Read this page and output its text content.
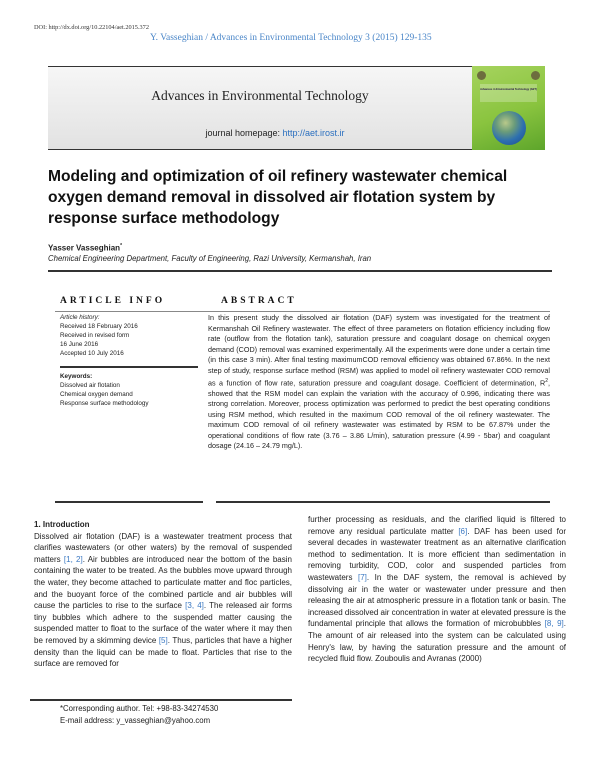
DOI: http://dx.doi.org/10.22104/aet.2015.372
Y. Vasseghian / Advances in Environmental Technology 3 (2015) 129-135
Advances in Environmental Technology
journal homepage: http://aet.irost.ir
Advances in Environmental Technology (AET)
Modeling and optimization of oil refinery wastewater chemical oxygen demand removal in dissolved air flotation system by response surface methodology
Yasser Vasseghian*
Chemical Engineering Department, Faculty of Engineering, Razi University, Kermanshah, Iran
ARTICLE INFO
Article history:
Received 18 February 2016
Received in revised form
16 June 2016
Accepted 10 July 2016
Keywords:
Dissolved air flotation
Chemical oxygen demand
Response surface methodology
ABSTRACT
In this present study the dissolved air flotation (DAF) system was investigated for the treatment of Kermanshah Oil Refinery wastewater. The effect of three parameters on flotation efficiency including flow rate (outflow from the flotation tank), saturation pressure and coagulant dosage on chemical oxygen demand (COD) removal was examined experimentally. All the experiments were done under a certain time (in this case 3 min). After final testing maximumCOD removal efficiency was obtained 67.86%. In the next step of study, response surface method (RSM) was applied to model oil refinery wastewater COD removal as a function of flow rate, saturation pressure and coagulant dosage. Coefficient of determination, $R^2$, showed that the RSM model can explain the variation with the accuracy of 0.996, indicating there was strong correlation. Moreover, process optimization was performed to predict the best operating conditions using RSM method, which resulted in the maximum COD removal of the oil refinery wastewater. The maximum COD removal of oil refinery wastewater was estimated by RSM to be 67.87% under the operational conditions of flow rate (3.76 – 3.86 L/min), saturation pressure (4.99 - 5bar) and coagulant dosage (24.16 – 24.79 mg/L).
1. Introduction
Dissolved air flotation (DAF) is a wastewater treatment process that clarifies wastewaters (or other waters) by the removal of suspended matters [1, 2]. Air bubbles are introduced near the bottom of the basin containing the water to be treated. As the bubbles move upward through the water, they become attached to particulate matter and floc particles, and the buoyant force of the combined particle and air bubbles will cause the particles to rise to the surface [3, 4]. The released air forms tiny bubbles which adhere to the suspended matter causing the suspended matter to float to the surface of the water where it may then be removed by a skimming device [5]. Thus, particles that have a higher density than the liquid can be made to float. Particles that rise to the surface are removed for
*Corresponding author. Tel: +98-83-34274530
E-mail address: y_vasseghian@yahoo.com
further processing as residuals, and the clarified liquid is filtered to remove any residual particulate matter [6]. DAF has been used for several decades in wastewater treatment as an alternative clarification method to sedimentation. It is more efficient than sedimentation in removing turbidity, COD, color and suspended particles from wastewaters [7]. In the DAF system, the removal is achieved by dissolving air in the water or wastewater under pressure and then releasing the air at atmospheric pressure in a flotation tank or basin. The increased dissolved air concentration in water at elevated pressure is the fundamental principle that allows the formation of microbubbles [8, 9]. The amount of air released into the system can be calculated using Henry's law, by having the saturation pressure and the amount of recycled fluid flow. Zouboulis and Avranas (2000)
